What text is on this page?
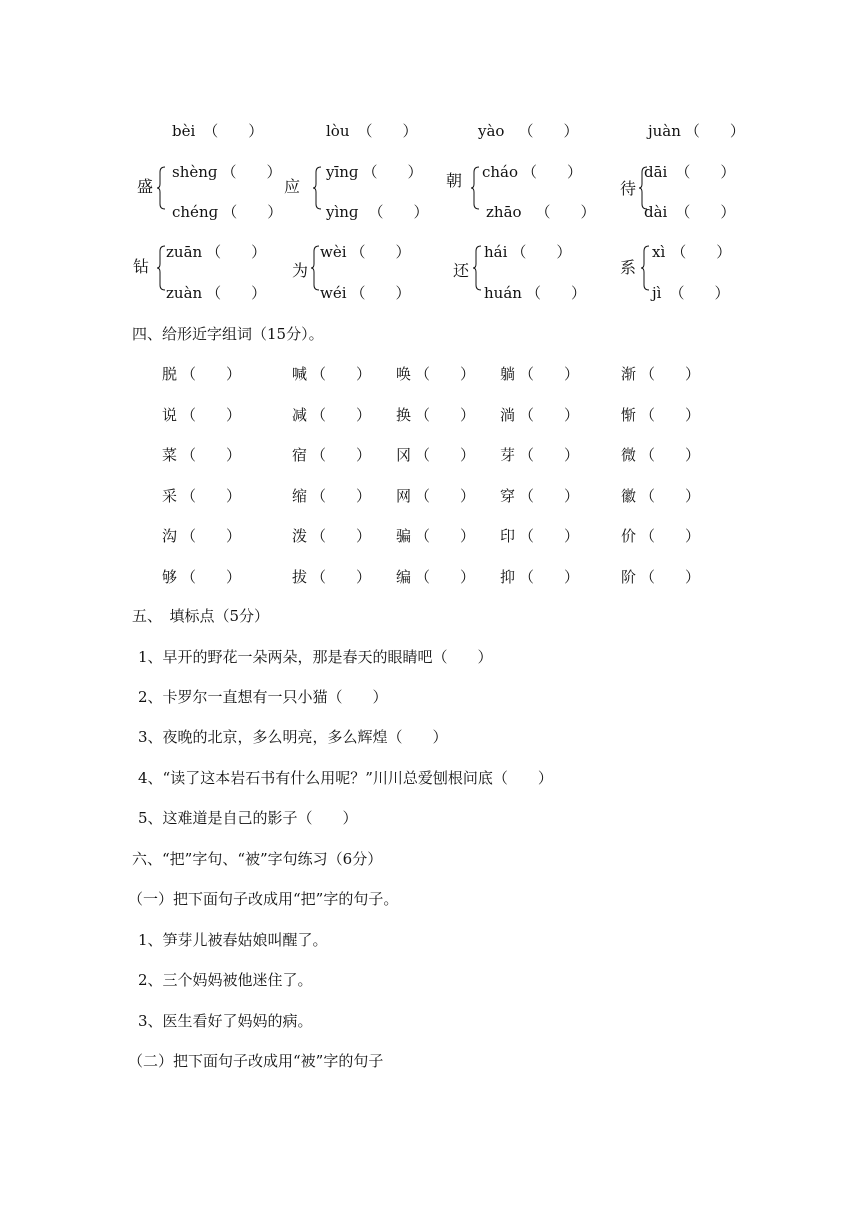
bèi （　　）	lòu （　　）	yào （　　）	juàn （　　）
盛
shènɡ （　　）
chénɡ （　　）
应
yīnɡ （　　）
yìnɡ （　　）
朝 cháo （　　）
zhāo （　　）
待
dāi （　　）
dài （　　）
钻
zuān （　　）
zuàn （　　）
为
wèi （　　）
wéi （　　）
还
hái （　　）
huán （　　）
系
xì （　　）
jì （　　）
四、给形近字组词（15分）。
脱 （　　）	喊 （　　） 唤 （　　） 躺 （　　）	渐 （　　）
说 （　　）	减 （　　） 换 （　　） 淌 （　　）	惭 （　　）
菜 （　　）	宿 （　　） 冈 （　　） 芽 （　　）	微 （　　）
采 （　　）	缩 （　　） 网 （　　） 穿 （　　）	徽 （　　）
沟 （　　）	泼 （　　） 骗 （　　） 印 （　　）	价 （　　）
够 （　　）	拔 （　　） 编 （　　） 抑 （　　）	阶 （　　）
五、　填标点（5分）
1、早开的野花一朵两朵，那是春天的眼睛吧（　　）
2、卡罗尔一直想有一只小猫（　　）
3、夜晚的北京，多么明亮，多么辉煌（　　）
4、“读了这本岩石书有什么用呢？”川川总爱刨根问底（　　）
5、这难道是自己的影子（　　）
六、“把”字句、“被”字句练习（6分）
（一）把下面句子改成用“把”字的句子。
1、笋芽儿被春姑娘叫醒了。
2、三个妈妈被他迷住了。
3、医生看好了妈妈的病。
（二）把下面句子改成用“被”字的句子
